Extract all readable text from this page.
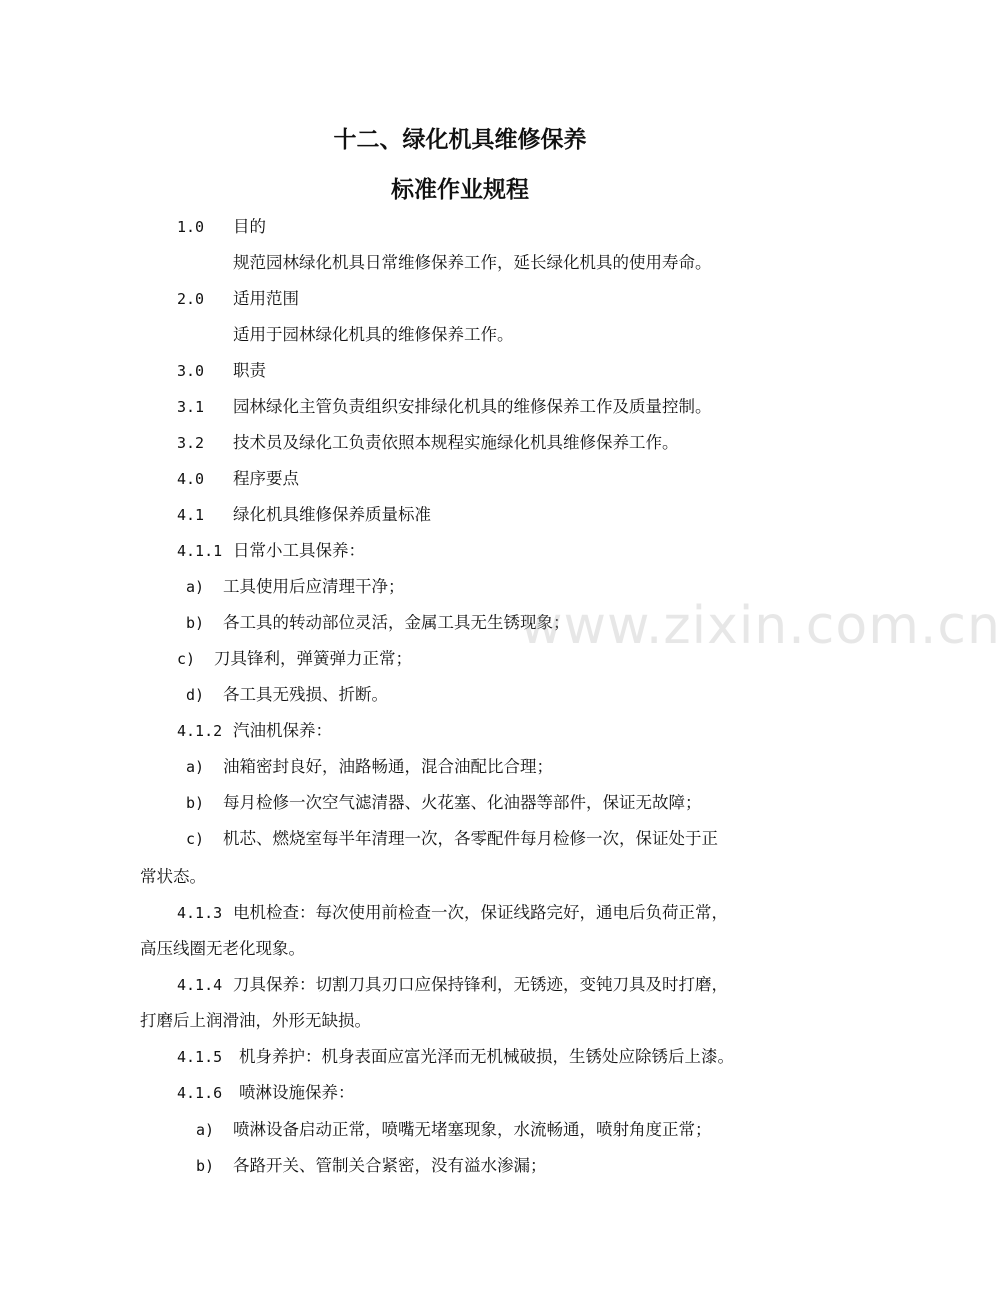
十二、绿化机具维修保养
标准作业规程
1.0 目的
规范园林绿化机具日常维修保养工作，延长绿化机具的使用寿命。
2.0 适用范围
适用于园林绿化机具的维修保养工作。
3.0 职责
3.1 园林绿化主管负责组织安排绿化机具的维修保养工作及质量控制。
3.2 技术员及绿化工负责依照本规程实施绿化机具维修保养工作。
4.0 程序要点
4.1 绿化机具维修保养质量标准
4.1.1 日常小工具保养：
a) 工具使用后应清理干净；
b) 各工具的转动部位灵活，金属工具无生锈现象；
c) 刀具锋利，弹簧弹力正常；
d) 各工具无残损、折断。
4.1.2 汽油机保养：
a) 油箱密封良好，油路畅通，混合油配比合理；
b) 每月检修一次空气滤清器、火花塞、化油器等部件，保证无故障；
c) 机芯、燃烧室每半年清理一次，各零配件每月检修一次，保证处于正
常状态。
4.1.3 电机检查：每次使用前检查一次，保证线路完好，通电后负荷正常，
高压线圈无老化现象。
4.1.4 刀具保养：切割刀具刃口应保持锋利，无锈迹，变钝刀具及时打磨，
打磨后上润滑油，外形无缺损。
4.1.5 机身养护：机身表面应富光泽而无机械破损，生锈处应除锈后上漆。
4.1.6 喷淋设施保养：
a) 喷淋设备启动正常，喷嘴无堵塞现象，水流畅通，喷射角度正常；
b) 各路开关、管制关合紧密，没有溢水渗漏；
www.zixin.com.cn
